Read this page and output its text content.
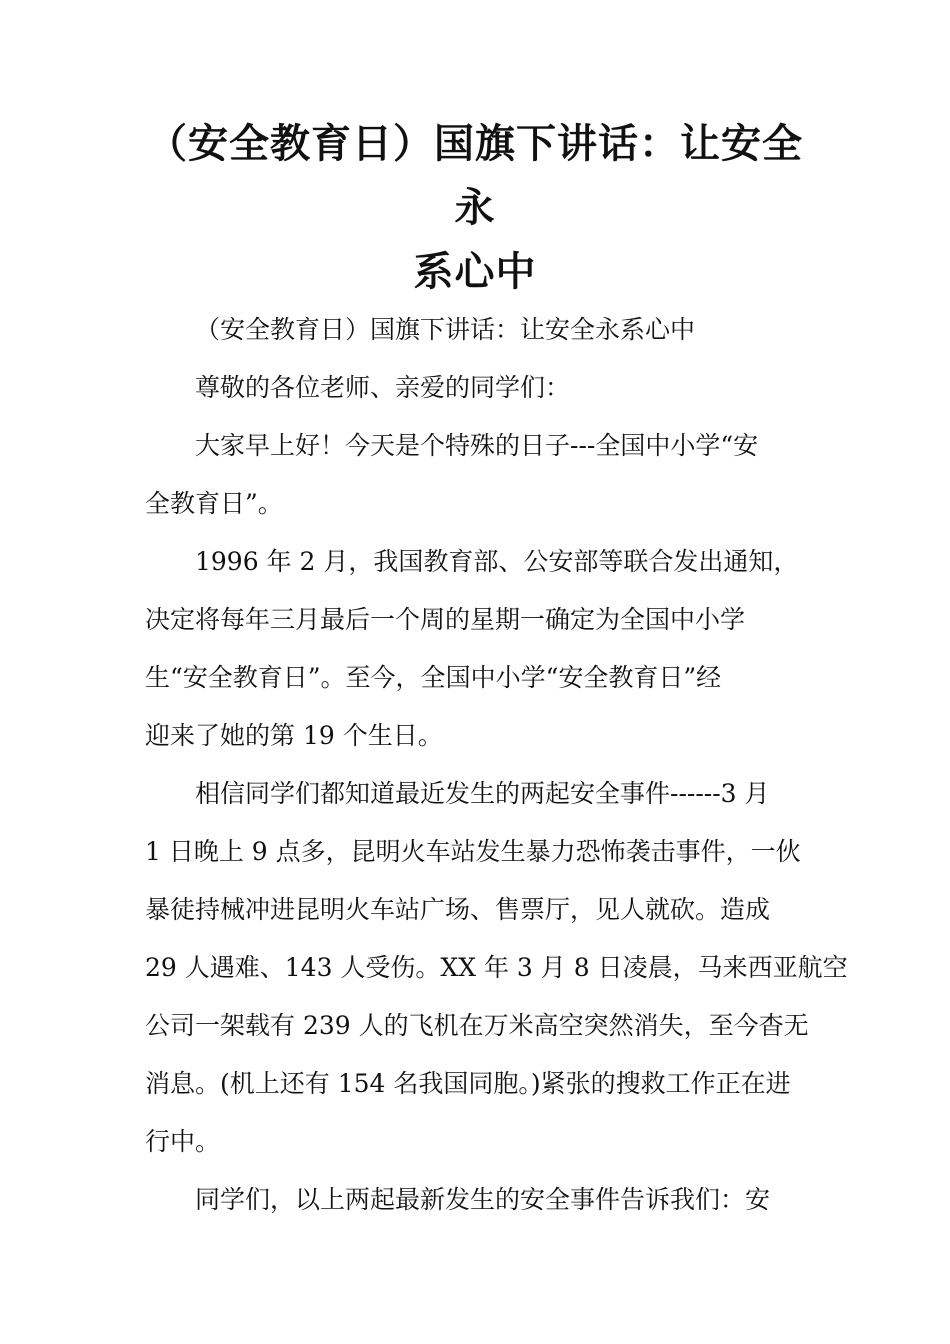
（安全教育日）国旗下讲话：让安全永
系心中

（安全教育日）国旗下讲话：让安全永系心中

尊敬的各位老师、亲爱的同学们：

大家早上好！今天是个特殊的日子---全国中小学“安
全教育日”。

1996 年 2 月，我国教育部、公安部等联合发出通知，
决定将每年三月最后一个周的星期一确定为全国中小学
生“安全教育日”。至今，全国中小学“安全教育日”经
迎来了她的第 19 个生日。

相信同学们都知道最近发生的两起安全事件------3 月
1 日晚上 9 点多，昆明火车站发生暴力恐怖袭击事件，一伙
暴徒持械冲进昆明火车站广场、售票厅，见人就砍。造成
29 人遇难、143 人受伤。XX 年 3 月 8 日凌晨，马来西亚航空
公司一架载有 239 人的飞机在万米高空突然消失，至今杳无
消息。(机上还有 154 名我国同胞。)紧张的搜救工作正在进
行中。

同学们，以上两起最新发生的安全事件告诉我们：安
